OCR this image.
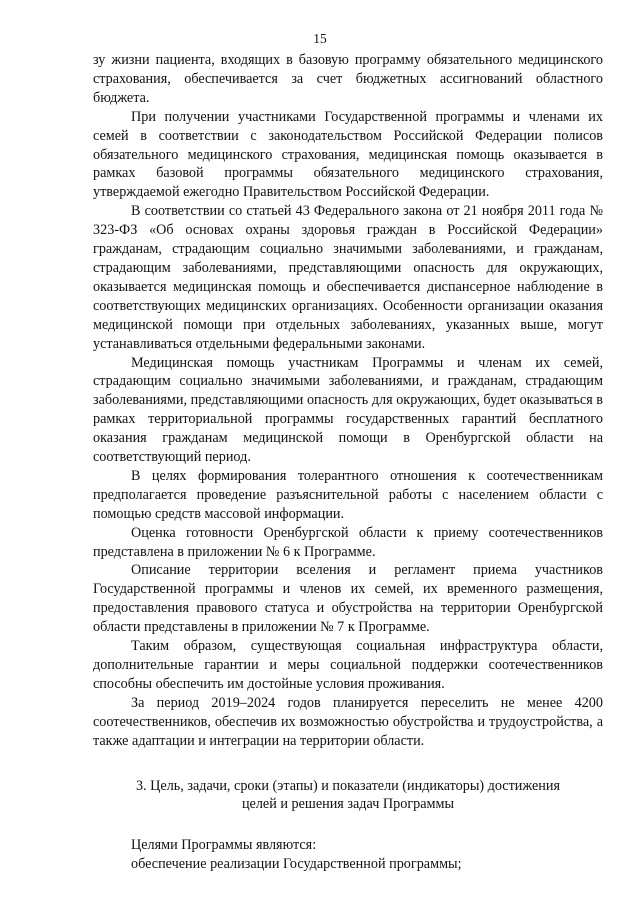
15

зу жизни пациента, входящих в базовую программу обязательного медицинского страхования, обеспечивается за счет бюджетных ассигнований областного бюджета.

При получении участниками Государственной программы и членами их семей в соответствии с законодательством Российской Федерации полисов обязательного медицинского страхования, медицинская помощь оказывается в рамках базовой программы обязательного медицинского страхования, утверждаемой ежегодно Правительством Российской Федерации.

В соответствии со статьей 43 Федерального закона от 21 ноября 2011 года № 323-ФЗ «Об основах охраны здоровья граждан в Российской Федерации» гражданам, страдающим социально значимыми заболеваниями, и гражданам, страдающим заболеваниями, представляющими опасность для окружающих, оказывается медицинская помощь и обеспечивается диспансерное наблюдение в соответствующих медицинских организациях. Особенности организации оказания медицинской помощи при отдельных заболеваниях, указанных выше, могут устанавливаться отдельными федеральными законами.

Медицинская помощь участникам Программы и членам их семей, страдающим социально значимыми заболеваниями, и гражданам, страдающим заболеваниями, представляющими опасность для окружающих, будет оказываться в рамках территориальной программы государственных гарантий бесплатного оказания гражданам медицинской помощи в Оренбургской области на соответствующий период.

В целях формирования толерантного отношения к соотечественникам предполагается проведение разъяснительной работы с населением области с помощью средств массовой информации.

Оценка готовности Оренбургской области к приему соотечественников представлена в приложении № 6 к Программе.

Описание территории вселения и регламент приема участников Государственной программы и членов их семей, их временного размещения, предоставления правового статуса и обустройства на территории Оренбургской области представлены в приложении № 7 к Программе.

Таким образом, существующая социальная инфраструктура области, дополнительные гарантии и меры социальной поддержки соотечественников способны обеспечить им достойные условия проживания.

За период 2019–2024 годов планируется переселить не менее 4200 соотечественников, обеспечив их возможностью обустройства и трудоустройства, а также адаптации и интеграции на территории области.

3. Цель, задачи, сроки (этапы) и показатели (индикаторы) достижения целей и решения задач Программы

Целями Программы являются:

обеспечение реализации Государственной программы;
